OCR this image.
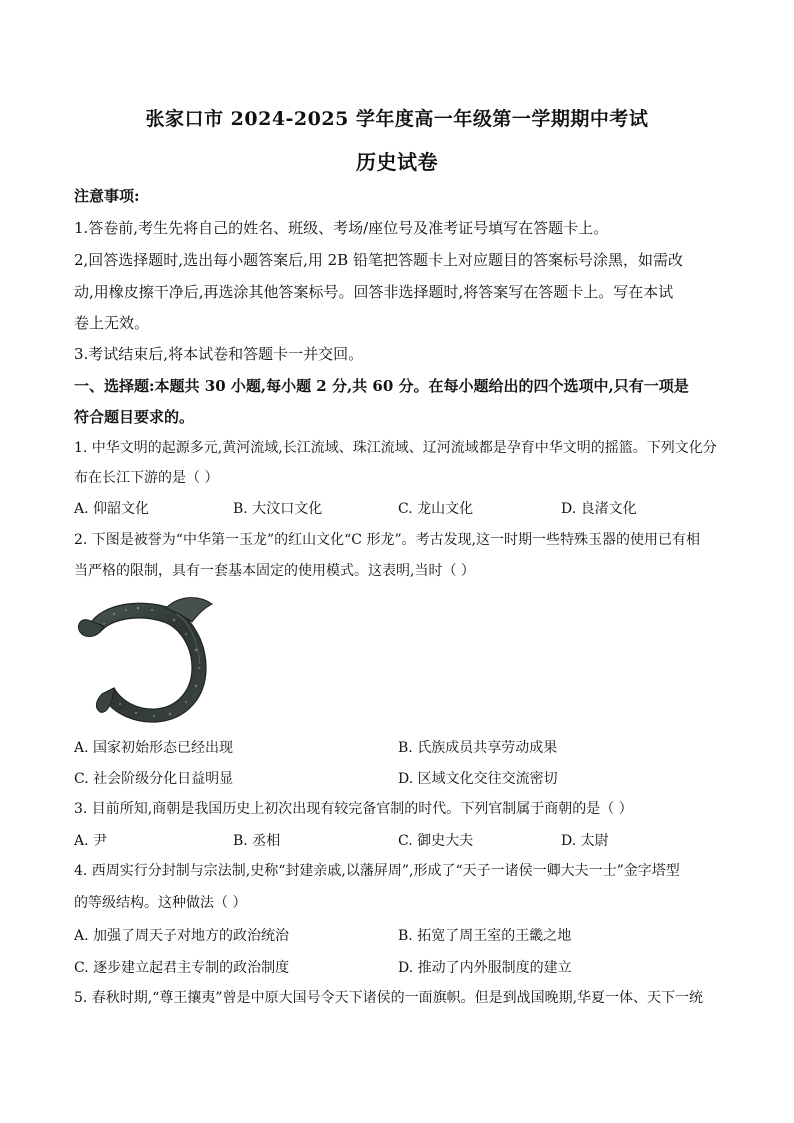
张家口市 2024-2025 学年度高一年级第一学期期中考试
历史试卷
注意事项:
1.答卷前,考生先将自己的姓名、班级、考场/座位号及准考证号填写在答题卡上。
2,回答选择题时,选出每小题答案后,用 2B 铅笔把答题卡上对应题目的答案标号涂黑，如需改
动,用橡皮擦干净后,再选涂其他答案标号。回答非选择题时,将答案写在答题卡上。写在本试
卷上无效。
3.考试结束后,将本试卷和答题卡一并交回。
一、选择题:本题共 30 小题,每小题 2 分,共 60 分。在每小题给出的四个选项中,只有一项是
符合题目要求的。
1. 中华文明的起源多元,黄河流域,长江流域、珠江流域、辽河流域都是孕育中华文明的摇篮。下列文化分
布在长江下游的是（ ）
A. 仰韶文化	B. 大汶口文化	C. 龙山文化	D. 良渚文化
2. 下图是被誉为“中华第一玉龙”的红山文化“C 形龙”。考古发现,这一时期一些特殊玉器的使用已有相
当严格的限制，具有一套基本固定的使用模式。这表明,当时（ ）
A. 国家初始形态已经出现	B. 氏族成员共享劳动成果
C. 社会阶级分化日益明显	D. 区域文化交往交流密切
3. 目前所知,商朝是我国历史上初次出现有较完备官制的时代。下列官制属于商朝的是（ ）
A. 尹	B. 丞相	C. 御史大夫	D. 太尉
4. 西周实行分封制与宗法制,史称“封建亲戚,以藩屏周”,形成了“天子一诸侯一卿大夫一士”金字塔型
的等级结构。这种做法（ ）
A. 加强了周天子对地方的政治统治	B. 拓宽了周王室的王畿之地
C. 逐步建立起君主专制的政治制度	D. 推动了内外服制度的建立
5. 春秋时期,“尊王攘夷”曾是中原大国号令天下诸侯的一面旗帜。但是到战国晚期,华夏一体、天下一统
